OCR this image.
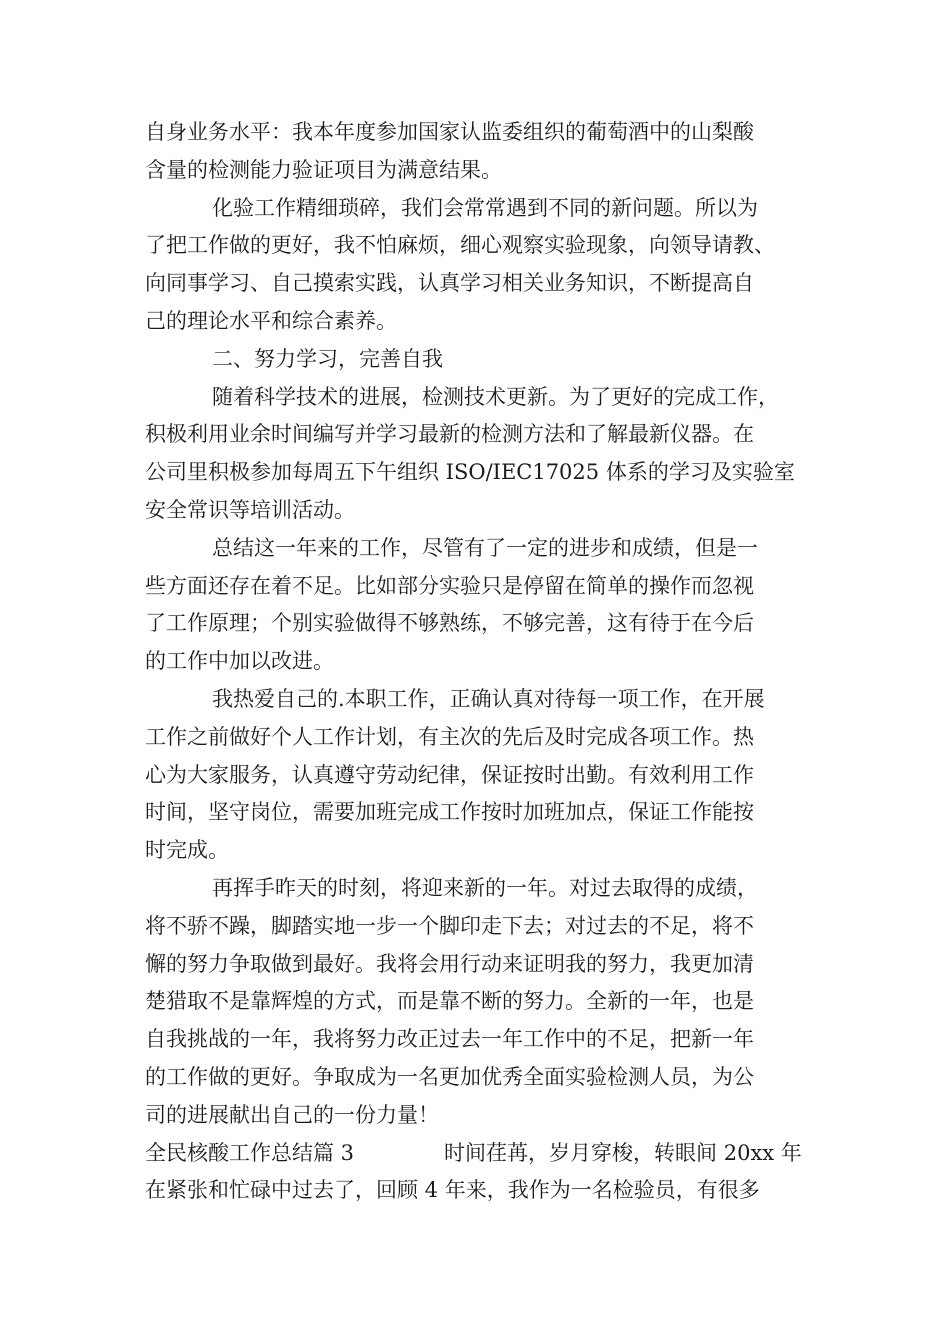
自身业务水平：我本年度参加国家认监委组织的葡萄酒中的山梨酸

含量的检测能力验证项目为满意结果。

化验工作精细琐碎，我们会常常遇到不同的新问题。所以为

了把工作做的更好，我不怕麻烦，细心观察实验现象，向领导请教、

向同事学习、自己摸索实践，认真学习相关业务知识，不断提高自

己的理论水平和综合素养。

二、努力学习，完善自我

随着科学技术的进展，检测技术更新。为了更好的完成工作，

积极利用业余时间编写并学习最新的检测方法和了解最新仪器。在

公司里积极参加每周五下午组织 ISO/IEC17025 体系的学习及实验室

安全常识等培训活动。

总结这一年来的工作，尽管有了一定的进步和成绩，但是一

些方面还存在着不足。比如部分实验只是停留在简单的操作而忽视

了工作原理；个别实验做得不够熟练，不够完善，这有待于在今后

的工作中加以改进。

我热爱自己的.本职工作，正确认真对待每一项工作，在开展

工作之前做好个人工作计划，有主次的先后及时完成各项工作。热

心为大家服务，认真遵守劳动纪律，保证按时出勤。有效利用工作

时间，坚守岗位，需要加班完成工作按时加班加点，保证工作能按

时完成。

再挥手昨天的时刻，将迎来新的一年。对过去取得的成绩，

将不骄不躁，脚踏实地一步一个脚印走下去；对过去的不足，将不

懈的努力争取做到最好。我将会用行动来证明我的努力，我更加清

楚猎取不是靠辉煌的方式，而是靠不断的努力。全新的一年，也是

自我挑战的一年，我将努力改正过去一年工作中的不足，把新一年

的工作做的更好。争取成为一名更加优秀全面实验检测人员，为公

司的进展献出自己的一份力量！

全民核酸工作总结篇 3	时间荏苒，岁月穿梭，转眼间 20xx 年

在紧张和忙碌中过去了，回顾 4 年来，我作为一名检验员，有很多
